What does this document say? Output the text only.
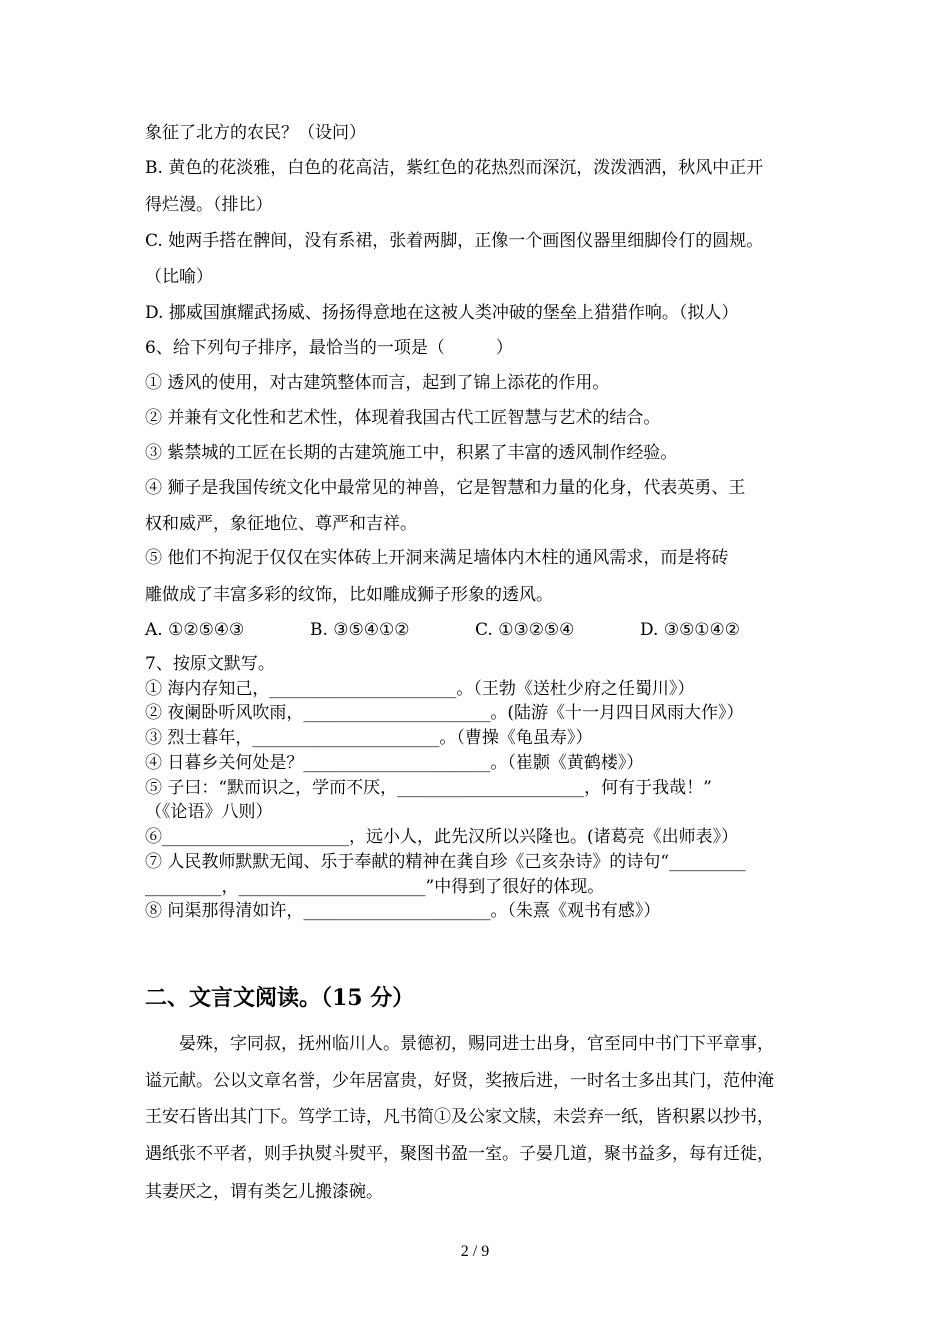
象征了北方的农民？（设问）
B. 黄色的花淡雅，白色的花高洁，紫红色的花热烈而深沉，泼泼洒洒，秋风中正开
得烂漫。（排比）
C. 她两手搭在髀间，没有系裙，张着两脚，正像一个画图仪器里细脚伶仃的圆规。
（比喻）
D. 挪威国旗耀武扬威、扬扬得意地在这被人类冲破的堡垒上猎猎作响。（拟人）
6、给下列句子排序，最恰当的一项是（　　　）
① 透风的使用，对古建筑整体而言，起到了锦上添花的作用。
② 并兼有文化性和艺术性，体现着我国古代工匠智慧与艺术的结合。
③ 紫禁城的工匠在长期的古建筑施工中，积累了丰富的透风制作经验。
④ 狮子是我国传统文化中最常见的神兽，它是智慧和力量的化身，代表英勇、王
权和威严，象征地位、尊严和吉祥。
⑤ 他们不拘泥于仅仅在实体砖上开洞来满足墙体内木柱的通风需求，而是将砖
雕做成了丰富多彩的纹饰，比如雕成狮子形象的透风。
A. ①②⑤④③	B. ③⑤④①②	C. ①③②⑤④	D. ③⑤①④②
7、按原文默写。
① 海内存知己，______________________。（王勃《送杜少府之任蜀川》）
② 夜阑卧听风吹雨，______________________。(陆游《十一月四日风雨大作》）
③ 烈士暮年，______________________。（曹操《龟虽寿》）
④ 日暮乡关何处是？______________________。（崔颢《黄鹤楼》）
⑤ 子曰：“默而识之，学而不厌，______________________，何有于我哉！”
（《论语》八则）
⑥______________________，远小人，此先汉所以兴隆也。(诸葛亮《出师表》）
⑦ 人民教师默默无闻、乐于奉献的精神在龚自珍《己亥杂诗》的诗句“_________
_________，______________________”中得到了很好的体现。
⑧ 问渠那得清如许，______________________。（朱熹《观书有感》）
二、文言文阅读。（15 分）
　　晏殊，字同叔，抚州临川人。景德初，赐同进士出身，官至同中书门下平章事，
谥元献。公以文章名誉，少年居富贵，好贤，奖掖后进，一时名士多出其门，范仲淹
王安石皆出其门下。笃学工诗，凡书简①及公家文牍，未尝弃一纸，皆积累以抄书，
遇纸张不平者，则手执熨斗熨平，聚图书盈一室。子晏几道，聚书益多，每有迁徙，
其妻厌之，谓有类乞儿搬漆碗。
2 / 9
